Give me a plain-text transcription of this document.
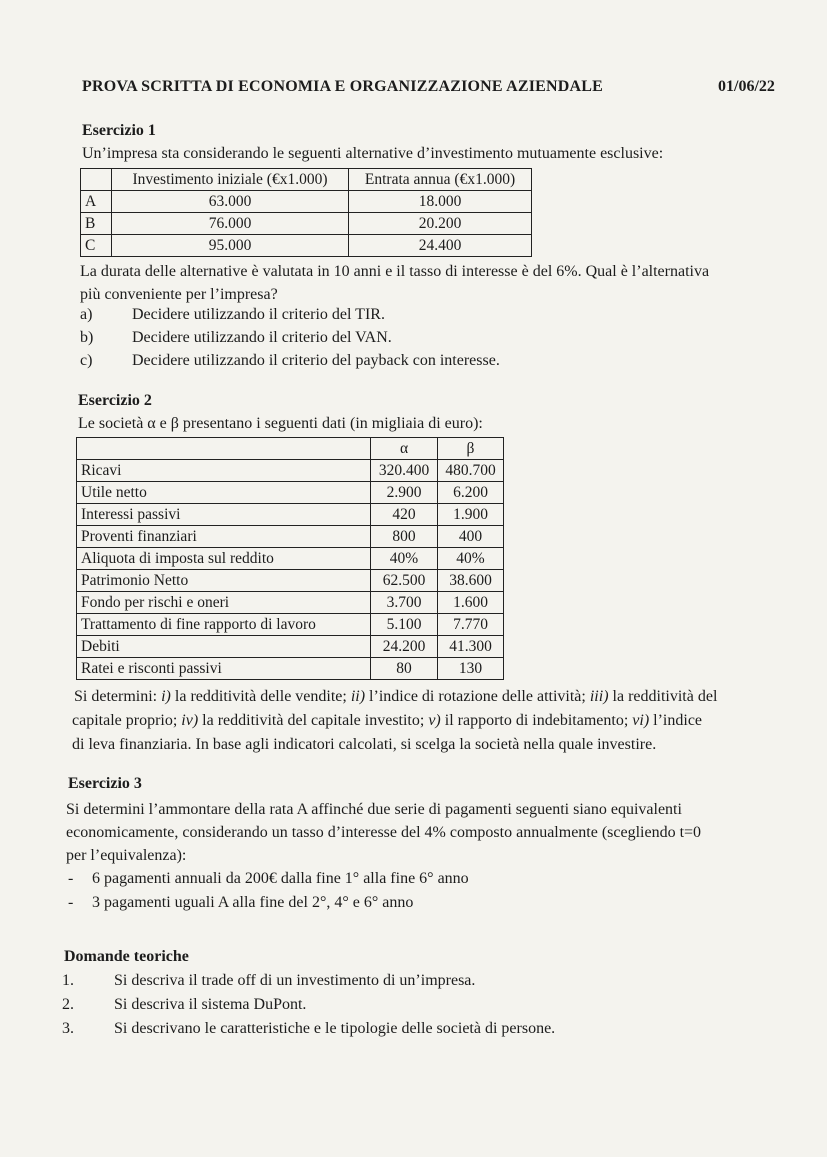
PROVA SCRITTA DI ECONOMIA E ORGANIZZAZIONE AZIENDALE	01/06/22
Esercizio 1
Un’impresa sta considerando le seguenti alternative d’investimento mutuamente esclusive:
	Investimento iniziale (€x1.000)	Entrata annua (€x1.000)
A	63.000	18.000
B	76.000	20.200
C	95.000	24.400
La durata delle alternative è valutata in 10 anni e il tasso di interesse è del 6%. Qual è l’alternativa
più conveniente per l’impresa?
a) Decidere utilizzando il criterio del TIR.
b) Decidere utilizzando il criterio del VAN.
c) Decidere utilizzando il criterio del payback con interesse.
Esercizio 2
Le società α e β presentano i seguenti dati (in migliaia di euro):
	α	β
Ricavi	320.400	480.700
Utile netto	2.900	6.200
Interessi passivi	420	1.900
Proventi finanziari	800	400
Aliquota di imposta sul reddito	40%	40%
Patrimonio Netto	62.500	38.600
Fondo per rischi e oneri	3.700	1.600
Trattamento di fine rapporto di lavoro	5.100	7.770
Debiti	24.200	41.300
Ratei e risconti passivi	80	130
Si determini: i) la redditività delle vendite; ii) l’indice di rotazione delle attività; iii) la redditività del
capitale proprio; iv) la redditività del capitale investito; v) il rapporto di indebitamento; vi) l’indice
di leva finanziaria. In base agli indicatori calcolati, si scelga la società nella quale investire.
Esercizio 3
Si determini l’ammontare della rata A affinché due serie di pagamenti seguenti siano equivalenti
economicamente, considerando un tasso d’interesse del 4% composto annualmente (scegliendo t=0
per l’equivalenza):
- 6 pagamenti annuali da 200€ dalla fine 1° alla fine 6° anno
- 3 pagamenti uguali A alla fine del 2°, 4° e 6° anno
Domande teoriche
1.	Si descriva il trade off di un investimento di un’impresa.
2.	Si descriva il sistema DuPont.
3.	Si descrivano le caratteristiche e le tipologie delle società di persone.
